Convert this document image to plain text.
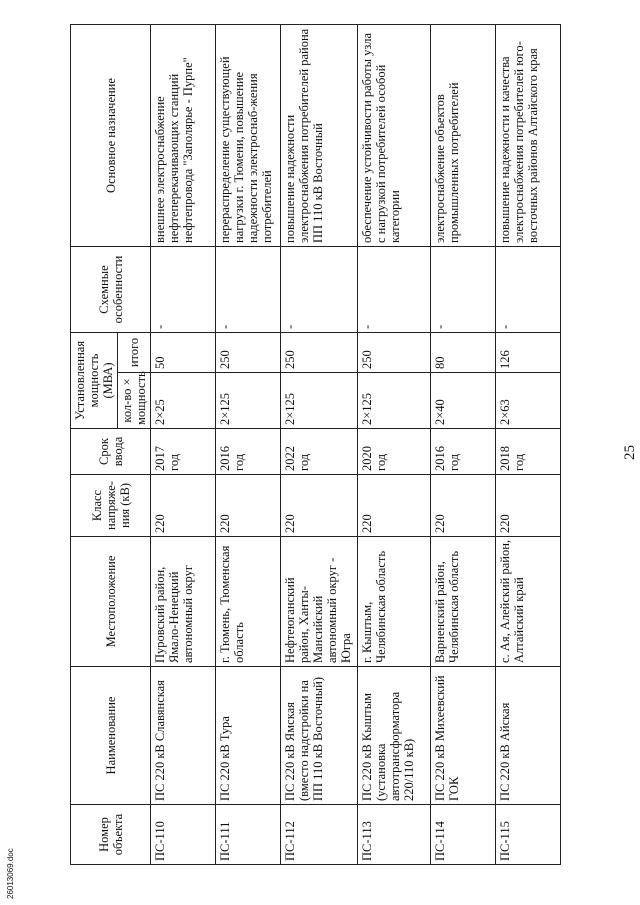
25
26013069.doc
Номер объекта	Наименование	Местоположение	Класс напряже-ния (кВ)	Срок ввода	Установленная мощность (МВА)		Схемные особенности	Основное назначение
					кол-во × мощность	итого		
ПС-110	ПС 220 кВ Славянская	Пуровский район, Ямало-Ненецкий автономный округ	220	2017 год	2×25	50	-	внешнее электроснабжение нефтеперекачивающих станций нефтепровода "Заполярье - Пурпе"
ПС-111	ПС 220 кВ Тура	г. Тюмень, Тюменская область	220	2016 год	2×125	250	-	перераспределение существующей нагрузки г. Тюмени, повышение надежности электроснаб-жения потребителей
ПС-112	ПС 220 кВ Ямская (вместо надстройки на ПП 110 кВ Восточный)	Нефтеюганский район, Ханты-Мансийский автономный округ - Югра	220	2022 год	2×125	250	-	повышение надежности электроснабжения потребителей района ПП 110 кВ Восточный
ПС-113	ПС 220 кВ Кыштым (установка автотрансформатора 220/110 кВ)	г. Кыштым, Челябинская область	220	2020 год	2×125	250	-	обеспечение устойчивости работы узла с нагрузкой потребителей особой категории
ПС-114	ПС 220 кВ Михеевский ГОК	Варненский район, Челябинская область	220	2016 год	2×40	80	-	электроснабжение объектов промышленных потребителей
ПС-115	ПС 220 кВ Айская	с. Ая, Алейский район, Алтайский край	220	2018 год	2×63	126	-	повышение надежности и качества электроснабжения потребителей юго-восточных районов Алтайского края
